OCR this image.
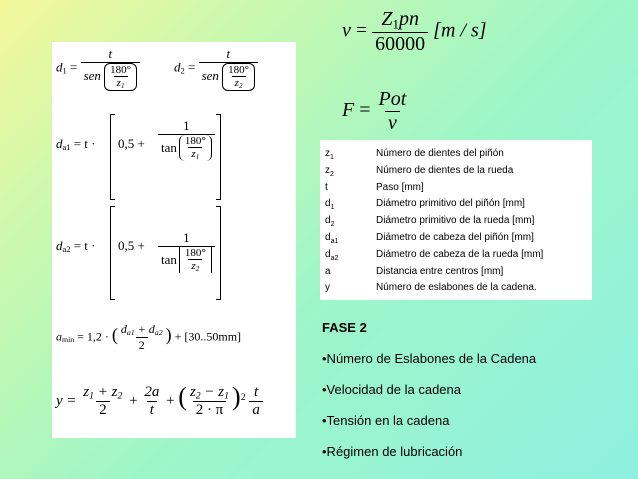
$v = \frac{Z_1pn}{60000} [m / s]$
$F = \frac{\text{Pot}}{v}$
$z_1$	Número de dientes del piñón
$z_2$	Número de dientes de la rueda
t	Paso [mm]
$d_1$	Diámetro primitivo del piñón [mm]
$d_2$	Diámetro primitivo de la rueda [mm]
$d_{a1}$	Diámetro de cabeza del piñón [mm]
$d_{a2}$	Diámetro de cabeza de la rueda [mm]
a	Distancia entre centros [mm]
y	Número de eslabones de la cadena.
$d_1 = \frac{t}{sen \frac{180^\circ}{z_1}}$	$d_2 = \frac{t}{sen \frac{180^\circ}{z_2}}$
$d_{a1} = t \cdot 0,5 + \frac{1}{\tan \frac{180^\circ}{z_1}}$
$d_{a2} = t \cdot 0,5 + \frac{1}{\tan \frac{180^\circ}{z_2}}$
$a_{min} = 1,2$ · ( $\frac{d_{a1} + d_{a2}}{2}$ ) + [30..50mm]
$y = \frac{z_1 + z_2}{2} + \frac{2a}{t}$ + ( $\frac{z_2 - z_1}{2 \cdot \pi} )^2 \frac{t}{a}$
FASE 2
•Número de Eslabones de la Cadena
•Velocidad de la cadena
•Tensión en la cadena
•Régimen de lubricación
